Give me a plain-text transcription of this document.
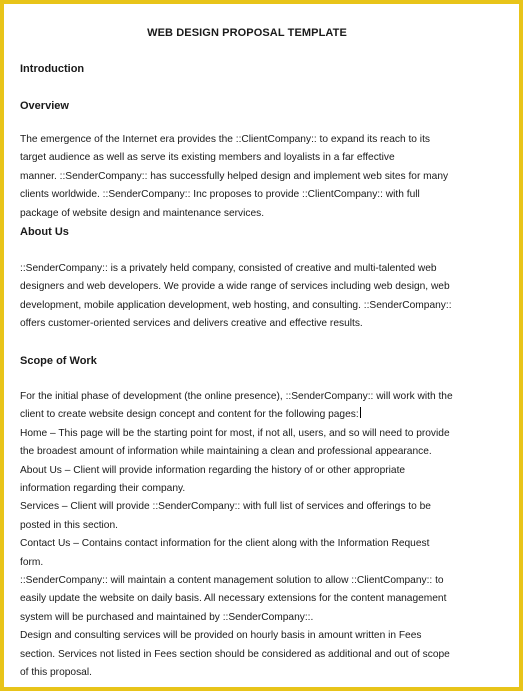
WEB DESIGN PROPOSAL TEMPLATE
Introduction
Overview
The emergence of the Internet era provides the ::ClientCompany:: to expand its reach to its
target audience as well as serve its existing members and loyalists in a far effective
manner. ::SenderCompany:: has successfully helped design and implement web sites for many
clients worldwide. ::SenderCompany:: Inc proposes to provide ::ClientCompany:: with full
package of website design and maintenance services.
About Us
::SenderCompany:: is a privately held company, consisted of creative and multi-talented web
designers and web developers. We provide a wide range of services including web design, web
development, mobile application development, web hosting, and consulting. ::SenderCompany::
offers customer-oriented services and delivers creative and effective results.
Scope of Work
For the initial phase of development (the online presence), ::SenderCompany:: will work with the
client to create website design concept and content for the following pages:
Home – This page will be the starting point for most, if not all, users, and so will need to provide
the broadest amount of information while maintaining a clean and professional appearance.
About Us – Client will provide information regarding the history of or other appropriate
information regarding their company.
Services – Client will provide ::SenderCompany:: with full list of services and offerings to be
posted in this section.
Contact Us – Contains contact information for the client along with the Information Request
form.
::SenderCompany:: will maintain a content management solution to allow ::ClientCompany:: to
easily update the website on daily basis. All necessary extensions for the content management
system will be purchased and maintained by ::SenderCompany::.
Design and consulting services will be provided on hourly basis in amount written in Fees
section. Services not listed in Fees section should be considered as additional and out of scope
of this proposal.
